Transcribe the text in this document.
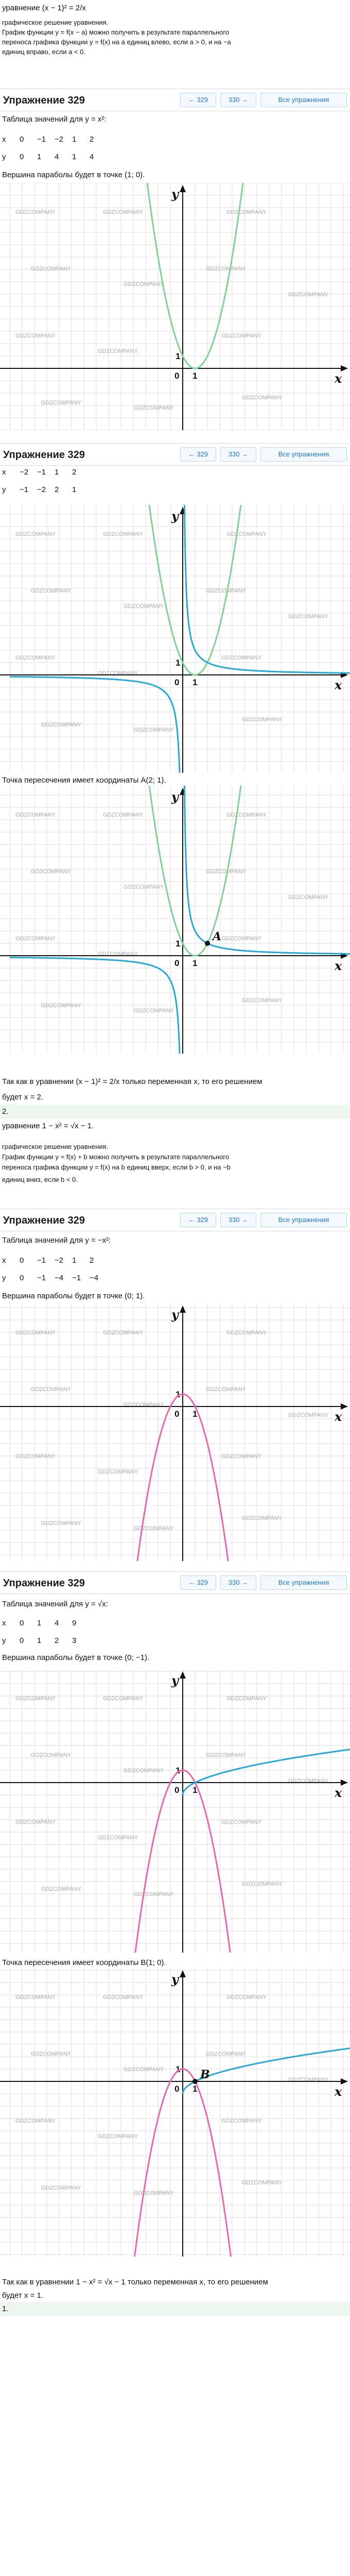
уравнение (x − 1)² = 2/x
графическое решение уравнения.
График функции y = f(x − a) можно получить в результате параллельного
переноса графика функции y = f(x) на a единиц влево, если a > 0, и на −a
единиц вправо, если a < 0.
Упражнение 329	← 329	330 →	Все упражнения
Таблица значений для y = x²:
x 0 −1 −2 1 2
y 0 1 4 1 4
Вершина параболы будет в точке (1; 0).
GDZCOMPANY	GDZCOMPANY	GDZCOMPANY
GDZCOMPANY
GDZCOMPANY
GDZCOMPANY
GDZCOMPANY
GDZCOMPANY
GDZCOMPANY
GDZCOMPANY
GDZCOMPANY
GDZCOMPANY
GDZCOMPANY
x
y
0 1
1
Упражнение 329	← 329	330 →	Все упражнения
x −2 −1 1 2
y −1 −2 2 1
GDZCOMPANY	GDZCOMPANY	GDZCOMPANY
GDZCOMPANY
GDZCOMPANY
GDZCOMPANY
GDZCOMPANY
GDZCOMPANY
GDZCOMPANY
GDZCOMPANY
GDZCOMPANY
GDZCOMPANY
GDZCOMPANY
x
y
0 1
1
Точка пересечения имеет координаты A(2; 1).
GDZCOMPANY	GDZCOMPANY	GDZCOMPANY
GDZCOMPANY
GDZCOMPANY
GDZCOMPANY
GDZCOMPANY
GDZCOMPANY
GDZCOMPANY
GDZCOMPANY
GDZCOMPANY
GDZCOMPANY
GDZCOMPANY
x
y
0 1
1
A
Так как в уравнении (x − 1)² = 2/x только переменная x, то его решением
будет x = 2.
2.
уравнение 1 − x² = √x − 1.
графическое решение уравнения.
График функции y = f(x) + b можно получить в результате параллельного
переноса графика функции y = f(x) на b единиц вверх, если b > 0, и на −b
единиц вниз, если b < 0.
Упражнение 329	← 329	330 →	Все упражнения
Таблица значений для y = −x²:
x 0 −1 −2 1 2
y 0 −1 −4 −1 −4
Вершина параболы будет в точке (0; 1).
GDZCOMPANY	GDZCOMPANY	GDZCOMPANY
GDZCOMPANY
GDZCOMPANY
GDZCOMPANY
GDZCOMPANY
GDZCOMPANY
GDZCOMPANY
GDZCOMPANY
GDZCOMPANY
GDZCOMPANY
GDZCOMPANY
x
y
0 1
1
Упражнение 329	← 329	330 →	Все упражнения
Таблица значений для y = √x:
x 0 1 4 9
y 0 1 2 3
Вершина параболы будет в точке (0; −1).
GDZCOMPANY	GDZCOMPANY	GDZCOMPANY
GDZCOMPANY
GDZCOMPANY
GDZCOMPANY
GDZCOMPANY
GDZCOMPANY
GDZCOMPANY
GDZCOMPANY
GDZCOMPANY
GDZCOMPANY
GDZCOMPANY
x
y
0 1
1
Точка пересечения имеет координаты B(1; 0).
GDZCOMPANY	GDZCOMPANY	GDZCOMPANY
GDZCOMPANY
GDZCOMPANY
GDZCOMPANY
GDZCOMPANY
GDZCOMPANY
GDZCOMPANY
GDZCOMPANY
GDZCOMPANY
GDZCOMPANY
GDZCOMPANY
x
y
0 1
1 B
Так как в уравнении 1 − x² = √x − 1 только переменная x, то его решением
будет x = 1.
1.
